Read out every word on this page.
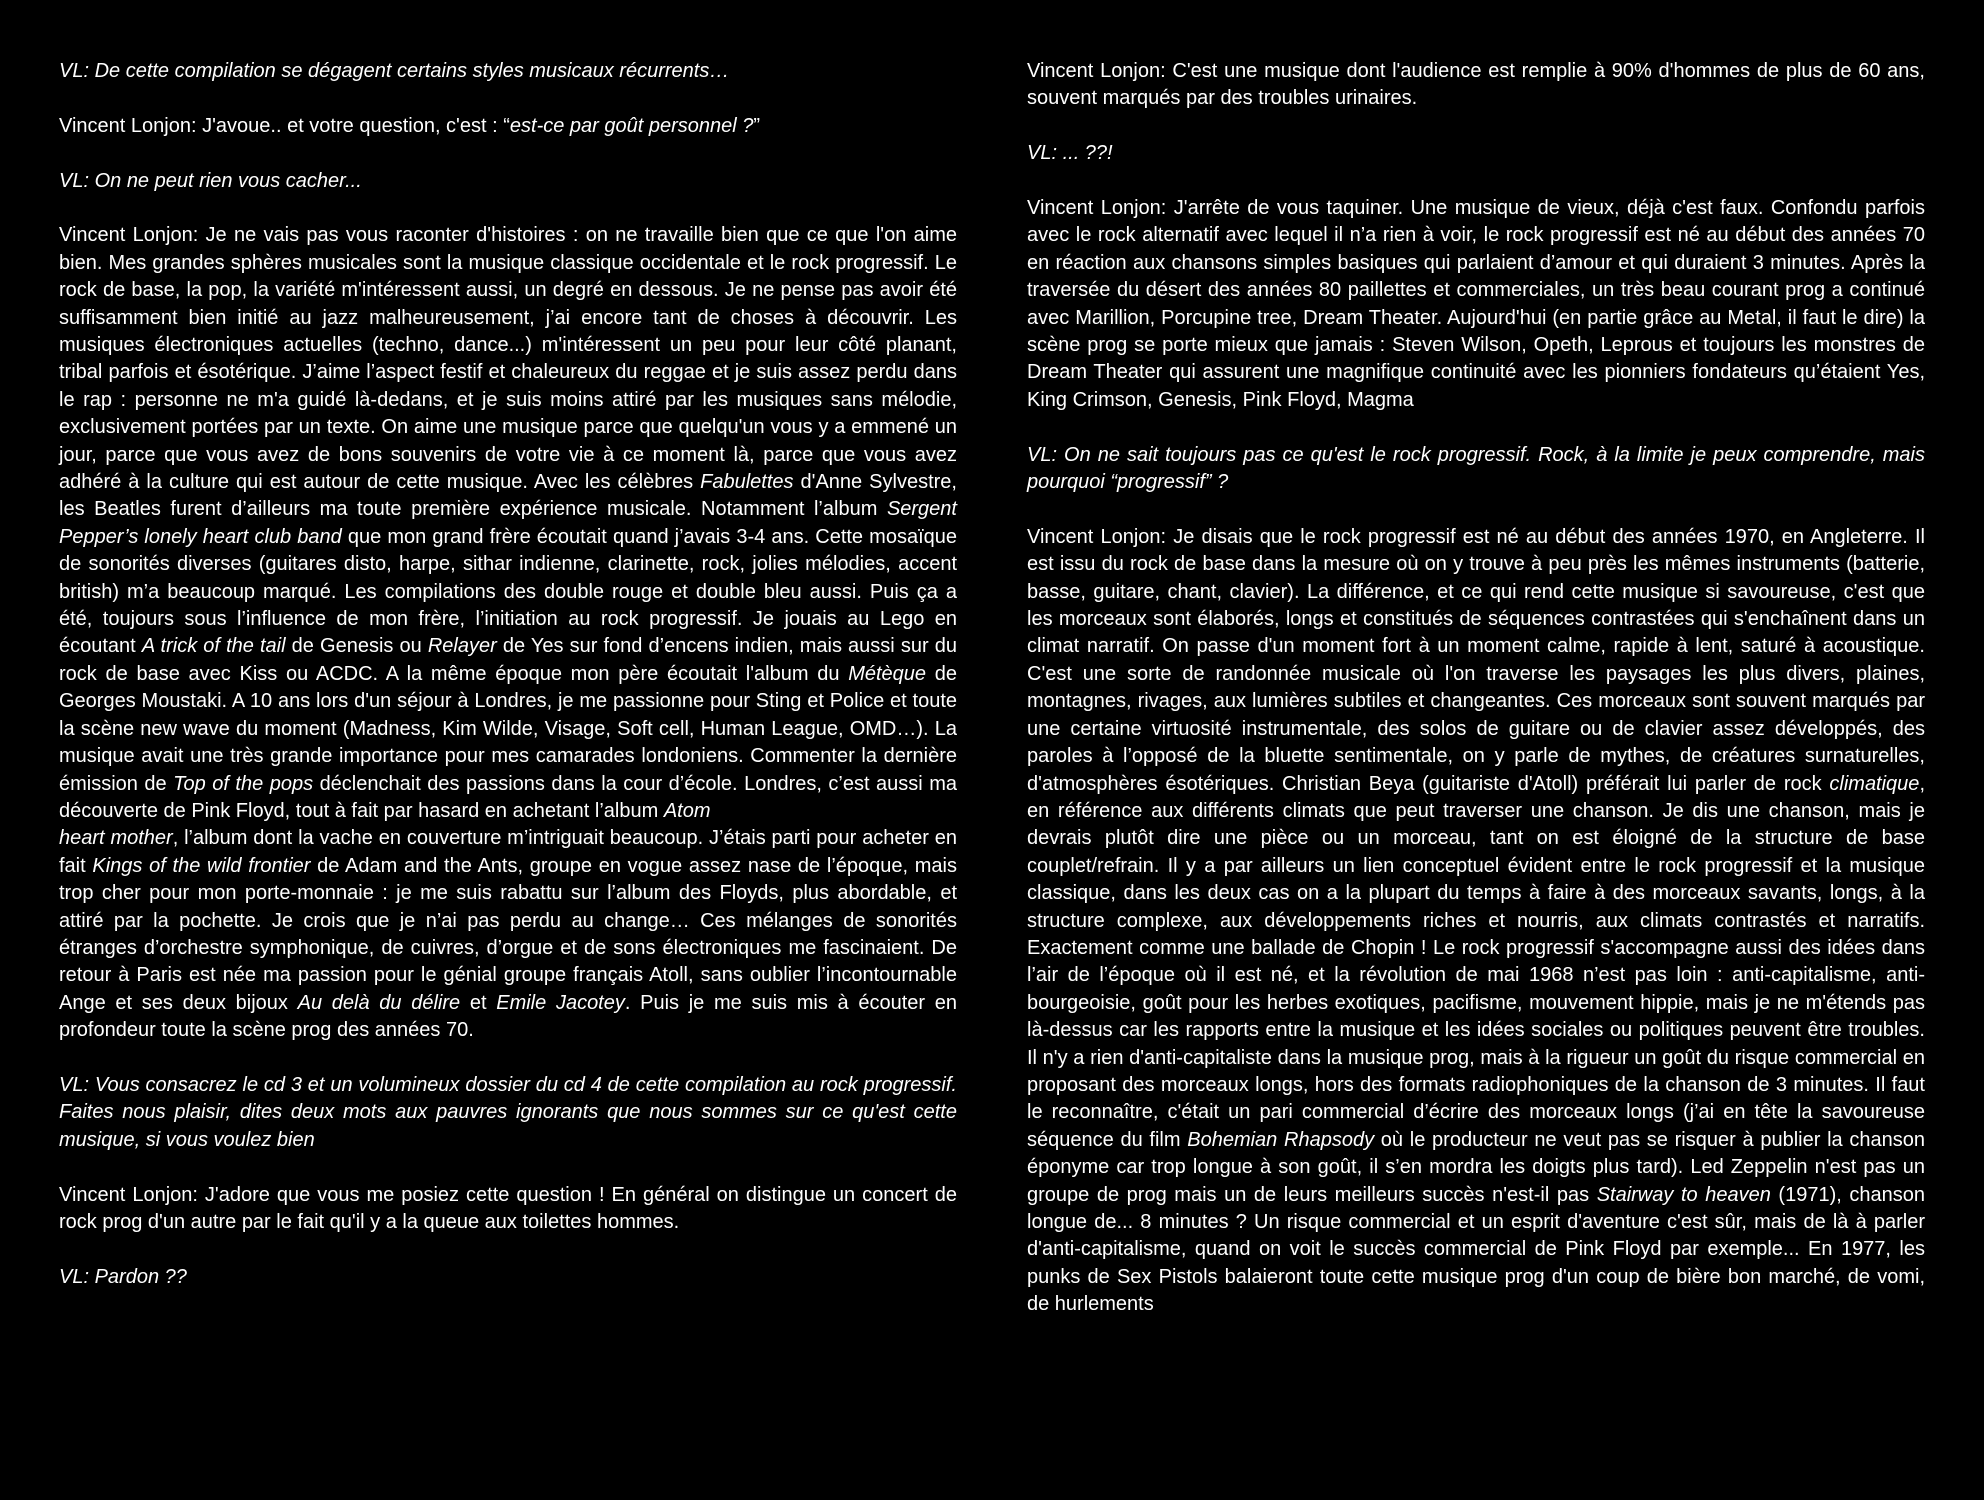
VL: De cette compilation se dégagent certains styles musicaux récurrents…

Vincent Lonjon: J'avoue.. et votre question, c'est : “est-ce par goût personnel ?”

VL: On ne peut rien vous cacher...

Vincent Lonjon: Je ne vais pas vous raconter d'histoires : on ne travaille bien que ce que l'on aime bien. Mes grandes sphères musicales sont la musique classique occidentale et le rock progressif. Le rock de base, la pop, la variété m'intéressent aussi, un degré en dessous. Je ne pense pas avoir été suffisamment bien initié au jazz malheureusement, j’ai encore tant de choses à découvrir. Les musiques électroniques actuelles (techno, dance...) m'intéressent un peu pour leur côté planant, tribal parfois et ésotérique. J’aime l’aspect festif et chaleureux du reggae et je suis assez perdu dans le rap : personne ne m'a guidé là-dedans, et je suis moins attiré par les musiques sans mélodie, exclusivement portées par un texte. On aime une musique parce que quelqu'un vous y a emmené un jour, parce que vous avez de bons souvenirs de votre vie à ce moment là, parce que vous avez adhéré à la culture qui est autour de cette musique. Avec les célèbres Fabulettes d'Anne Sylvestre, les Beatles furent d’ailleurs ma toute première expérience musicale. Notamment l’album Sergent Pepper’s lonely heart club band que mon grand frère écoutait quand j’avais 3-4 ans. Cette mosaïque de sonorités diverses (guitares disto, harpe, sithar indienne, clarinette, rock, jolies mélodies, accent british) m’a beaucoup marqué. Les compilations des double rouge et double bleu aussi. Puis ça a été, toujours sous l’influence de mon frère, l’initiation au rock progressif. Je jouais au Lego en écoutant A trick of the tail de Genesis ou Relayer de Yes sur fond d’encens indien, mais aussi sur du rock de base avec Kiss ou ACDC. A la même époque mon père écoutait l'album du Métèque de Georges Moustaki. A 10 ans lors d'un séjour à Londres, je me passionne pour Sting et Police et toute la scène new wave du moment (Madness, Kim Wilde, Visage, Soft cell, Human League, OMD…). La musique avait une très grande importance pour mes camarades londoniens. Commenter la dernière émission de Top of the pops déclenchait des passions dans la cour d’école. Londres, c’est aussi ma découverte de Pink Floyd, tout à fait par hasard en achetant l’album Atom
heart mother, l’album dont la vache en couverture m’intriguait beaucoup. J’étais parti pour acheter en fait Kings of the wild frontier de Adam and the Ants, groupe en vogue assez nase de l’époque, mais trop cher pour mon porte-monnaie : je me suis rabattu sur l’album des Floyds, plus abordable, et attiré par la pochette. Je crois que je n’ai pas perdu au change… Ces mélanges de sonorités étranges d’orchestre symphonique, de cuivres, d’orgue et de sons électroniques me fascinaient. De retour à Paris est née ma passion pour le génial groupe français Atoll, sans oublier l’incontournable Ange et ses deux bijoux Au delà du délire et Emile Jacotey. Puis je me suis mis à écouter en profondeur toute la scène prog des années 70.

VL: Vous consacrez le cd 3 et un volumineux dossier du cd 4 de cette compilation au rock progressif. Faites nous plaisir, dites deux mots aux pauvres ignorants que nous sommes sur ce qu'est cette musique, si vous voulez bien

Vincent Lonjon: J'adore que vous me posiez cette question ! En général on distingue un concert de rock prog d'un autre par le fait qu'il y a la queue aux toilettes hommes.

VL: Pardon ??

Vincent Lonjon: C'est une musique dont l'audience est remplie à 90% d'hommes de plus de 60 ans, souvent marqués par des troubles urinaires.

VL: ... ??!

Vincent Lonjon: J'arrête de vous taquiner. Une musique de vieux, déjà c'est faux. Confondu parfois avec le rock alternatif avec lequel il n’a rien à voir, le rock progressif est né au début des années 70 en réaction aux chansons simples basiques qui parlaient d’amour et qui duraient 3 minutes. Après la traversée du désert des années 80 paillettes et commerciales, un très beau courant prog a continué avec Marillion, Porcupine tree, Dream Theater. Aujourd'hui (en partie grâce au Metal, il faut le dire) la scène prog se porte mieux que jamais : Steven Wilson, Opeth, Leprous et toujours les monstres de Dream Theater qui assurent une magnifique continuité avec les pionniers fondateurs qu’étaient Yes, King Crimson, Genesis, Pink Floyd, Magma

VL: On ne sait toujours pas ce qu'est le rock progressif. Rock, à la limite je peux comprendre, mais pourquoi “progressif” ?

Vincent Lonjon: Je disais que le rock progressif est né au début des années 1970, en Angleterre. Il est issu du rock de base dans la mesure où on y trouve à peu près les mêmes instruments (batterie, basse, guitare, chant, clavier). La différence, et ce qui rend cette musique si savoureuse, c'est que les morceaux sont élaborés, longs et constitués de séquences contrastées qui s'enchaînent dans un climat narratif. On passe d'un moment fort à un moment calme, rapide à lent, saturé à acoustique. C'est une sorte de randonnée musicale où l'on traverse les paysages les plus divers, plaines, montagnes, rivages, aux lumières subtiles et changeantes. Ces morceaux sont souvent marqués par une certaine virtuosité instrumentale, des solos de guitare ou de clavier assez développés, des paroles à l’opposé de la bluette sentimentale, on y parle de mythes, de créatures surnaturelles, d'atmosphères ésotériques. Christian Beya (guitariste d'Atoll) préférait lui parler de rock climatique, en référence aux différents climats que peut traverser une chanson. Je dis une chanson, mais je devrais plutôt dire une pièce ou un morceau, tant on est éloigné de la structure de base couplet/refrain. Il y a par ailleurs un lien conceptuel évident entre le rock progressif et la musique classique, dans les deux cas on a la plupart du temps à faire à des morceaux savants, longs, à la structure complexe, aux développements riches et nourris, aux climats contrastés et narratifs. Exactement comme une ballade de Chopin ! Le rock progressif s'accompagne aussi des idées dans l’air de l’époque où il est né, et la révolution de mai 1968 n’est pas loin : anti-capitalisme, anti-bourgeoisie, goût pour les herbes exotiques, pacifisme, mouvement hippie, mais je ne m'étends pas là-dessus car les rapports entre la musique et les idées sociales ou politiques peuvent être troubles. Il n'y a rien d'anti-capitaliste dans la musique prog, mais à la rigueur un goût du risque commercial en proposant des morceaux longs, hors des formats radiophoniques de la chanson de 3 minutes. Il faut le reconnaître, c'était un pari commercial d’écrire des morceaux longs (j’ai en tête la savoureuse séquence du film Bohemian Rhapsody où le producteur ne veut pas se risquer à publier la chanson éponyme car trop longue à son goût, il s’en mordra les doigts plus tard). Led Zeppelin n'est pas un groupe de prog mais un de leurs meilleurs succès n'est-il pas Stairway to heaven (1971), chanson longue de... 8 minutes ? Un risque commercial et un esprit d'aventure c'est sûr, mais de là à parler d'anti-capitalisme, quand on voit le succès commercial de Pink Floyd par exemple... En 1977, les punks de Sex Pistols balaieront toute cette musique prog d'un coup de bière bon marché, de vomi, de hurlements
